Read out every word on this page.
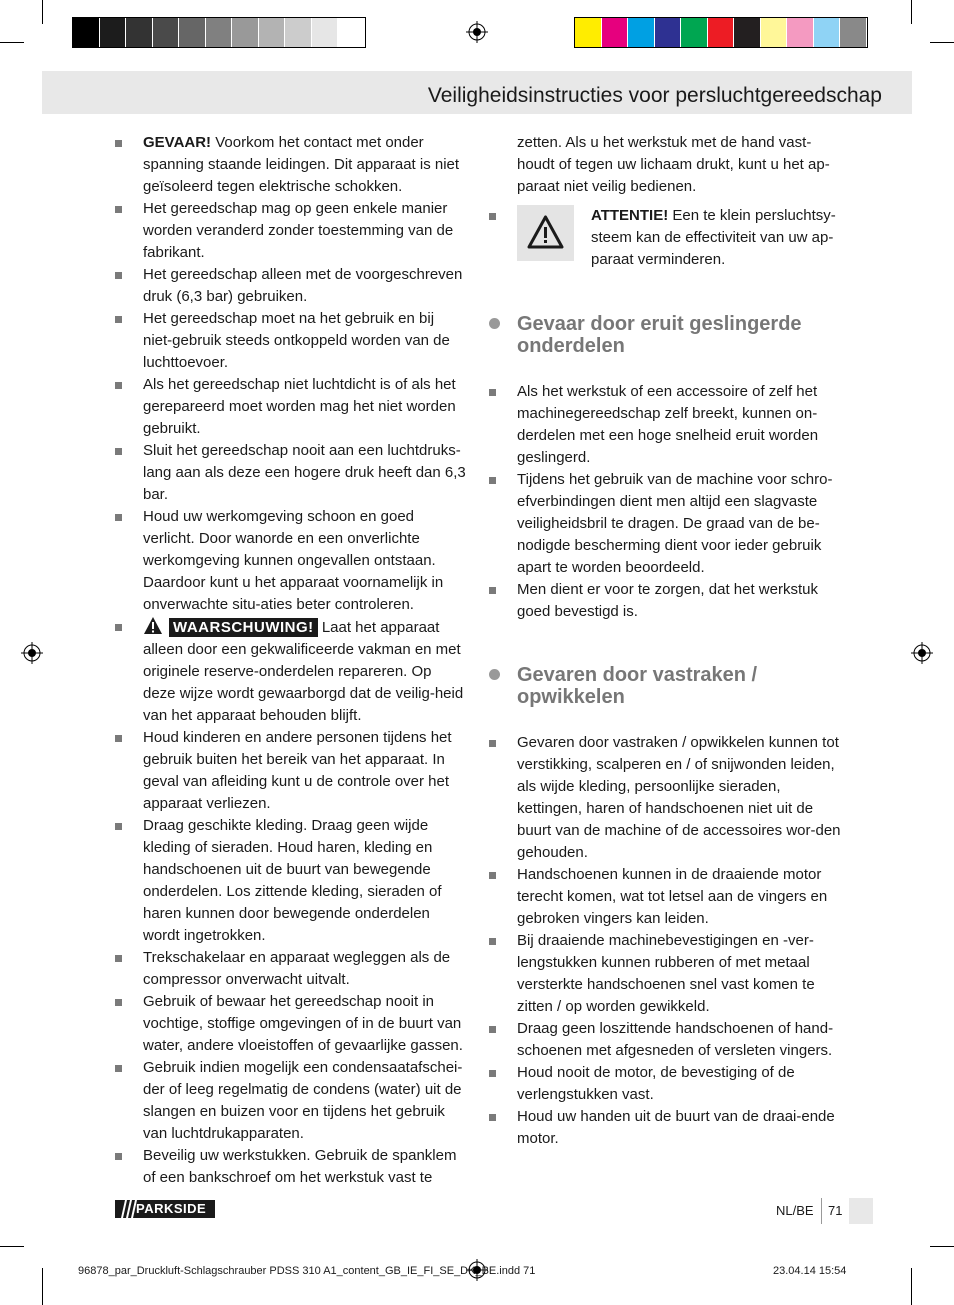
Veiligheidsinstructies voor persluchtgereedschap
GEVAAR! Voorkom het contact met onder spanning staande leidingen. Dit apparaat is niet geïsoleerd tegen elektrische schokken.
Het gereedschap mag op geen enkele manier worden veranderd zonder toestemming van de fabrikant.
Het gereedschap alleen met de voorgeschreven druk (6,3 bar) gebruiken.
Het gereedschap moet na het gebruik en bij niet-gebruik steeds ontkoppeld worden van de luchttoevoer.
Als het gereedschap niet luchtdicht is of als het gerepareerd moet worden mag het niet worden gebruikt.
Sluit het gereedschap nooit aan een luchtdruks-lang aan als deze een hogere druk heeft dan 6,3 bar.
Houd uw werkomgeving schoon en goed verlicht. Door wanorde en een onverlichte werkomgeving kunnen ongevallen ontstaan. Daardoor kunt u het apparaat voornamelijk in onverwachte situ-aties beter controleren.
WAARSCHUWING! Laat het apparaat alleen door een gekwalificeerde vakman en met originele reserve-onderdelen repareren. Op deze wijze wordt gewaarborgd dat de veilig-heid van het apparaat behouden blijft.
Houd kinderen en andere personen tijdens het gebruik buiten het bereik van het apparaat. In geval van afleiding kunt u de controle over het apparaat verliezen.
Draag geschikte kleding. Draag geen wijde kleding of sieraden. Houd haren, kleding en handschoenen uit de buurt van bewegende onderdelen. Los zittende kleding, sieraden of haren kunnen door bewegende onderdelen wordt ingetrokken.
Trekschakelaar en apparaat wegleggen als de compressor onverwacht uitvalt.
Gebruik of bewaar het gereedschap nooit in vochtige, stoffige omgevingen of in de buurt van water, andere vloeistoffen of gevaarlijke gassen.
Gebruik indien mogelijk een condensaatafschei-der of leeg regelmatig de condens (water) uit de slangen en buizen voor en tijdens het gebruik van luchtdrukapparaten.
Beveilig uw werkstukken. Gebruik de spanklem of een bankschroef om het werkstuk vast te

zetten. Als u het werkstuk met de hand vast-houdt of tegen uw lichaam drukt, kunt u het ap-paraat niet veilig bedienen.

ATTENTIE! Een te klein persluchtsy-steem kan de effectiviteit van uw ap-paraat verminderen.
Gevaar door eruit geslingerde onderdelen
Als het werkstuk of een accessoire of zelf het machinegereedschap zelf breekt, kunnen on-derdelen met een hoge snelheid eruit worden geslingerd.
Tijdens het gebruik van de machine voor schro-efverbindingen dient men altijd een slagvaste veiligheidsbril te dragen. De graad van de be-nodigde bescherming dient voor ieder gebruik apart te worden beoordeeld.
Men dient er voor te zorgen, dat het werkstuk goed bevestigd is.
Gevaren door vastraken / opwikkelen
Gevaren door vastraken / opwikkelen kunnen tot verstikking, scalperen en / of snijwonden leiden, als wijde kleding, persoonlijke sieraden, kettingen, haren of handschoenen niet uit de buurt van de machine of de accessoires wor-den gehouden.
Handschoenen kunnen in de draaiende motor terecht komen, wat tot letsel aan de vingers en gebroken vingers kan leiden.
Bij draaiende machinebevestigingen en -ver-lengstukken kunnen rubberen of met metaal versterkte handschoenen snel vast komen te zitten / op worden gewikkeld.
Draag geen loszittende handschoenen of hand-schoenen met afgesneden of versleten vingers.
Houd nooit de motor, de bevestiging of de verlengstukken vast.
Houd uw handen uit de buurt van de draai-ende motor.
PARKSIDE	NL/BE 71
96878_par_Druckluft-Schlagschrauber PDSS 310 A1_content_GB_IE_FI_SE_DK_BE.indd 71	23.04.14 15:54
